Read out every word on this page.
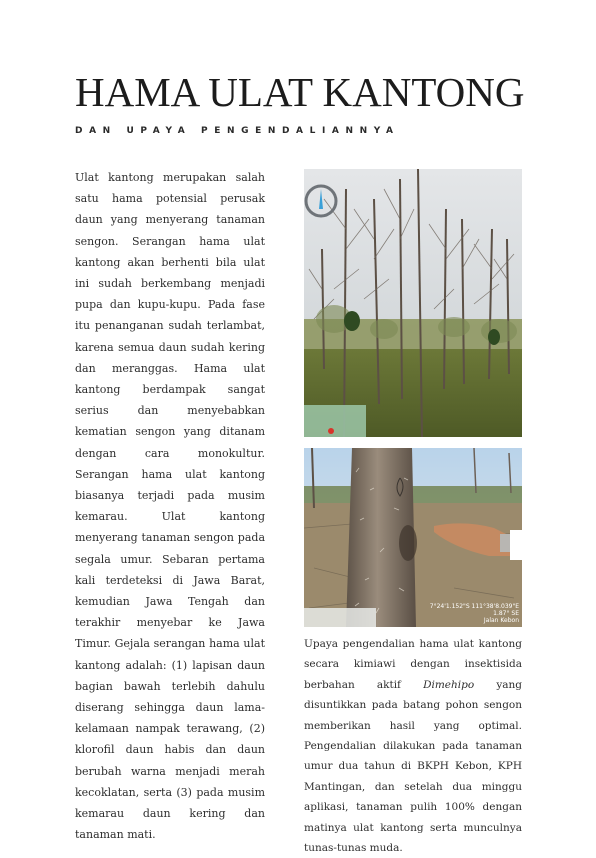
HAMA ULAT KANTONG
DAN UPAYA PENGENDALIANNYA

Ulat kantong merupakan salah satu hama potensial perusak daun yang menyerang tanaman sengon. Serangan hama ulat kantong akan berhenti bila ulat ini sudah berkembang menjadi pupa dan kupu-kupu. Pada fase itu penanganan sudah terlambat, karena semua daun sudah kering dan meranggas. Hama ulat kantong berdampak sangat serius dan menyebabkan kematian sengon yang ditanam dengan cara monokultur. Serangan hama ulat kantong biasanya terjadi pada musim kemarau. Ulat kantong menyerang tanaman sengon pada segala umur. Sebaran pertama kali terdeteksi di Jawa Barat, kemudian Jawa Tengah dan terakhir menyebar ke Jawa Timur. Gejala serangan hama ulat kantong adalah: (1) lapisan daun bagian bawah terlebih dahulu diserang sehingga daun lama-kelamaan nampak terawang, (2) klorofil daun habis dan daun berubah warna menjadi merah kecoklatan, serta (3) pada musim kemarau daun kering dan tanaman mati.

7°24'1.152"S 111°38'8.039"E
1.87° SE
Jalan Kebon

Upaya pengendalian hama ulat kantong secara kimiawi dengan insektisida berbahan aktif Dimehipo yang disuntikkan pada batang pohon sengon memberikan hasil yang optimal. Pengendalian dilakukan pada tanaman umur dua tahun di BKPH Kebon, KPH Mantingan, dan setelah dua minggu aplikasi, tanaman pulih 100% dengan matinya ulat kantong serta munculnya tunas-tunas muda.
